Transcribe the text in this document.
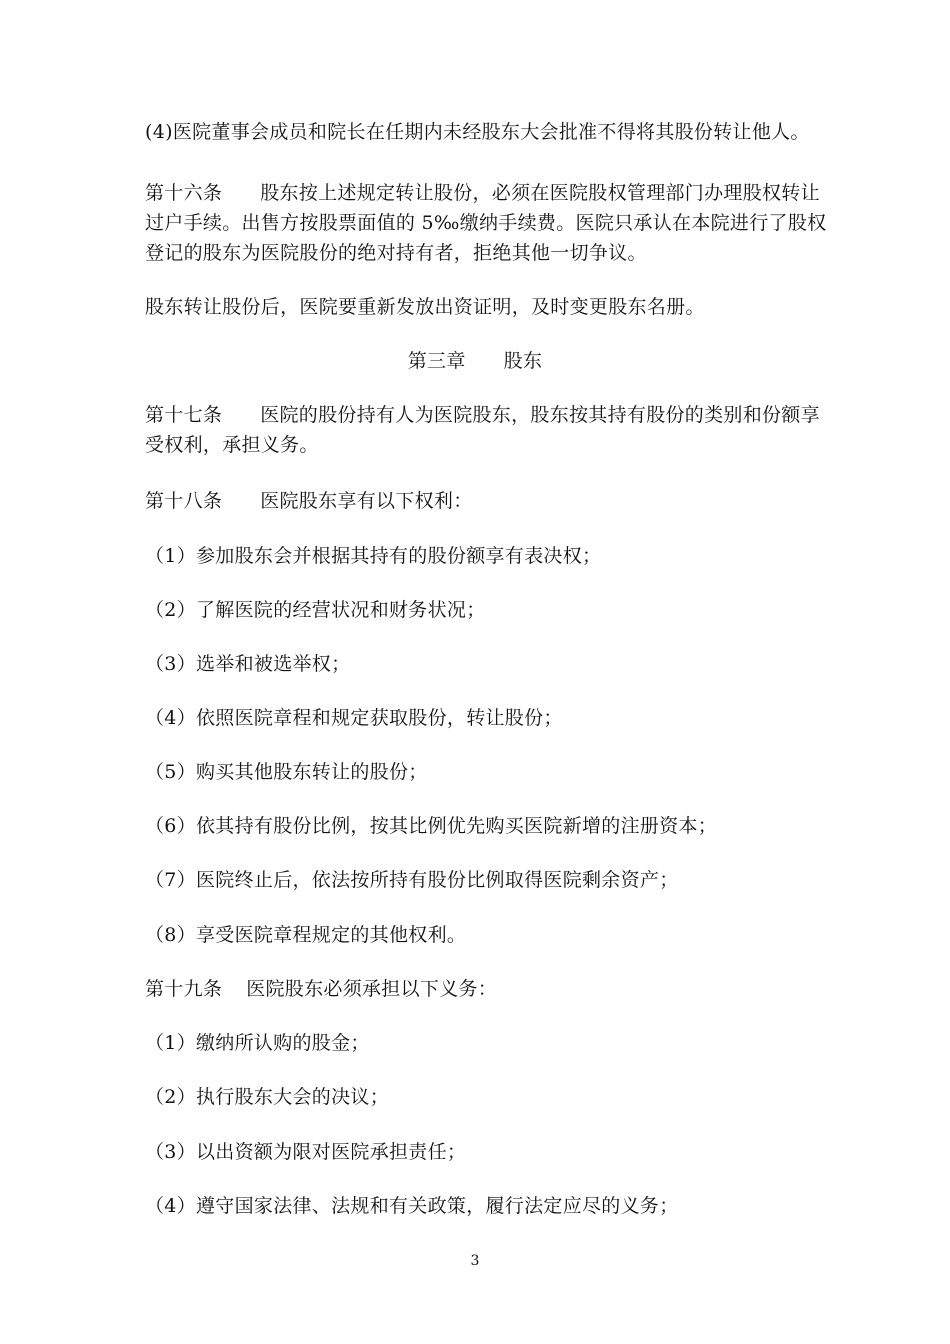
(4)医院董事会成员和院长在任期内未经股东大会批准不得将其股份转让他人。
第十六条 股东按上述规定转让股份，必须在医院股权管理部门办理股权转让
过户手续。出售方按股票面值的 5‰缴纳手续费。医院只承认在本院进行了股权
登记的股东为医院股份的绝对持有者，拒绝其他一切争议。
股东转让股份后，医院要重新发放出资证明，及时变更股东名册。
第三章 股东
第十七条 医院的股份持有人为医院股东，股东按其持有股份的类别和份额享
受权利，承担义务。
第十八条 医院股东享有以下权利：
（1）参加股东会并根据其持有的股份额享有表决权；
（2）了解医院的经营状况和财务状况；
（3）选举和被选举权；
（4）依照医院章程和规定获取股份，转让股份；
（5）购买其他股东转让的股份；
（6）依其持有股份比例，按其比例优先购买医院新增的注册资本；
（7）医院终止后，依法按所持有股份比例取得医院剩余资产；
（8）享受医院章程规定的其他权利。
第十九条 医院股东必须承担以下义务：
（1）缴纳所认购的股金；
（2）执行股东大会的决议；
（3）以出资额为限对医院承担责任；
（4）遵守国家法律、法规和有关政策，履行法定应尽的义务；
3
